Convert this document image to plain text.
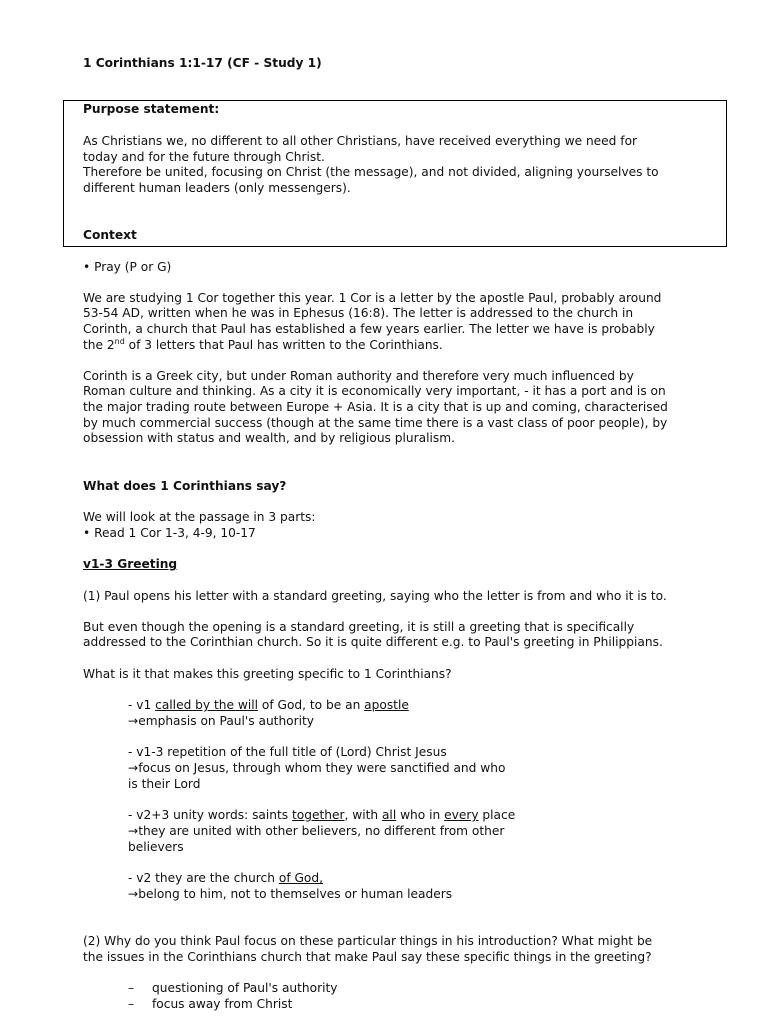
1 Corinthians 1:1-17 (CF - Study 1)
Purpose statement:
As Christians we, no different to all other Christians, have received everything we need for
today and for the future through Christ.
Therefore be united, focusing on Christ (the message), and not divided, aligning yourselves to
different human leaders (only messengers).
Context
• Pray (P or G)
We are studying 1 Cor together this year. 1 Cor is a letter by the apostle Paul, probably around
53-54 AD, written when he was in Ephesus (16:8). The letter is addressed to the church in
Corinth, a church that Paul has established a few years earlier. The letter we have is probably
the 2nd of 3 letters that Paul has written to the Corinthians.
Corinth is a Greek city, but under Roman authority and therefore very much influenced by
Roman culture and thinking. As a city it is economically very important, - it has a port and is on
the major trading route between Europe + Asia. It is a city that is up and coming, characterised
by much commercial success (though at the same time there is a vast class of poor people), by
obsession with status and wealth, and by religious pluralism.
What does 1 Corinthians say?
We will look at the passage in 3 parts:
• Read 1 Cor 1-3, 4-9, 10-17
v1-3 Greeting
(1) Paul opens his letter with a standard greeting, saying who the letter is from and who it is to.
But even though the opening is a standard greeting, it is still a greeting that is specifically
addressed to the Corinthian church. So it is quite different e.g. to Paul's greeting in Philippians.
What is it that makes this greeting specific to 1 Corinthians?
- v1 called by the will of God, to be an apostle
→emphasis on Paul's authority
- v1-3 repetition of the full title of (Lord) Christ Jesus
→focus on Jesus, through whom they were sanctified and who
is their Lord
- v2+3 unity words: saints together, with all who in every place
→they are united with other believers, no different from other
believers
- v2 they are the church of God,
→belong to him, not to themselves or human leaders
(2) Why do you think Paul focus on these particular things in his introduction? What might be
the issues in the Corinthians church that make Paul say these specific things in the greeting?
– questioning of Paul's authority
– focus away from Christ
